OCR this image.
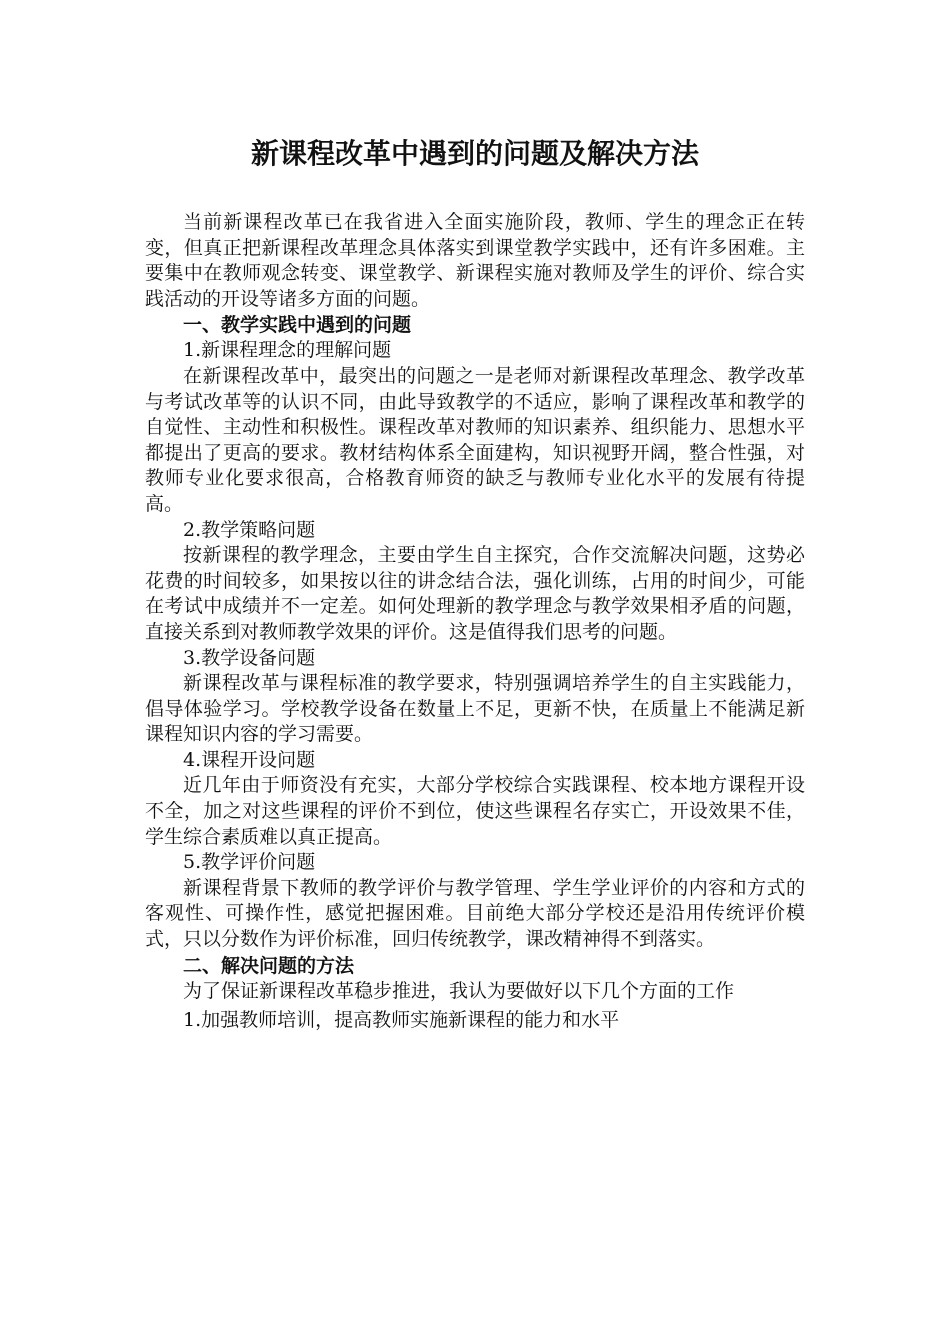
新课程改革中遇到的问题及解决方法

当前新课程改革已在我省进入全面实施阶段，教师、学生的理念正在转变，但真正把新课程改革理念具体落实到课堂教学实践中，还有许多困难。主要集中在教师观念转变、课堂教学、新课程实施对教师及学生的评价、综合实践活动的开设等诸多方面的问题。

一、教学实践中遇到的问题

1.新课程理念的理解问题

在新课程改革中，最突出的问题之一是老师对新课程改革理念、教学改革与考试改革等的认识不同，由此导致教学的不适应，影响了课程改革和教学的自觉性、主动性和积极性。课程改革对教师的知识素养、组织能力、思想水平都提出了更高的要求。教材结构体系全面建构，知识视野开阔，整合性强，对教师专业化要求很高，合格教育师资的缺乏与教师专业化水平的发展有待提高。

2.教学策略问题

按新课程的教学理念，主要由学生自主探究，合作交流解决问题，这势必花费的时间较多，如果按以往的讲念结合法，强化训练，占用的时间少，可能在考试中成绩并不一定差。如何处理新的教学理念与教学效果相矛盾的问题，直接关系到对教师教学效果的评价。这是值得我们思考的问题。

3.教学设备问题

新课程改革与课程标准的教学要求，特别强调培养学生的自主实践能力，倡导体验学习。学校教学设备在数量上不足，更新不快，在质量上不能满足新课程知识内容的学习需要。

4.课程开设问题

近几年由于师资没有充实，大部分学校综合实践课程、校本地方课程开设不全，加之对这些课程的评价不到位，使这些课程名存实亡，开设效果不佳，学生综合素质难以真正提高。

5.教学评价问题

新课程背景下教师的教学评价与教学管理、学生学业评价的内容和方式的客观性、可操作性，感觉把握困难。目前绝大部分学校还是沿用传统评价模式，只以分数作为评价标准，回归传统教学，课改精神得不到落实。

二、解决问题的方法

为了保证新课程改革稳步推进，我认为要做好以下几个方面的工作

1.加强教师培训，提高教师实施新课程的能力和水平
